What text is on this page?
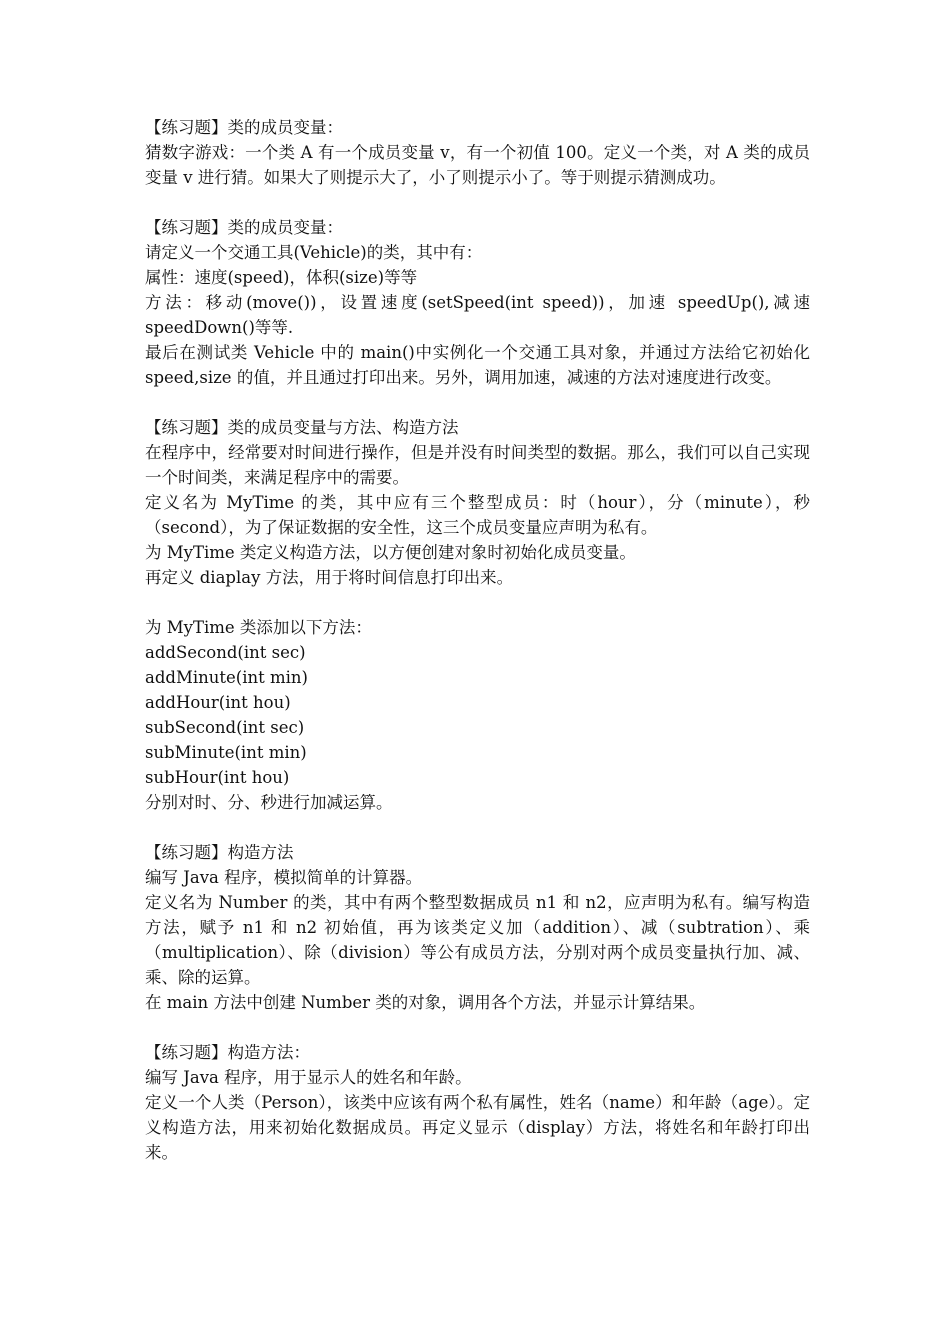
【练习题】类的成员变量：
猜数字游戏：一个类 A 有一个成员变量 v，有一个初值 100。定义一个类，对 A 类的成员变量 v 进行猜。如果大了则提示大了，小了则提示小了。等于则提示猜测成功。
【练习题】类的成员变量：
请定义一个交通工具(Vehicle)的类，其中有：
属性：速度(speed)，体积(size)等等
方法：移动(move())，设置速度(setSpeed(int speed))，加速 speedUp(),减速 speedDown()等等.
最后在测试类 Vehicle 中的 main()中实例化一个交通工具对象，并通过方法给它初始化 speed,size 的值，并且通过打印出来。另外，调用加速，减速的方法对速度进行改变。
【练习题】类的成员变量与方法、构造方法
在程序中，经常要对时间进行操作，但是并没有时间类型的数据。那么，我们可以自己实现一个时间类，来满足程序中的需要。
定义名为 MyTime 的类，其中应有三个整型成员：时（hour），分（minute），秒（second），为了保证数据的安全性，这三个成员变量应声明为私有。
为 MyTime 类定义构造方法，以方便创建对象时初始化成员变量。
再定义 diaplay 方法，用于将时间信息打印出来。
为 MyTime 类添加以下方法：
addSecond(int sec)
addMinute(int min)
addHour(int hou)
subSecond(int sec)
subMinute(int min)
subHour(int hou)
分别对时、分、秒进行加减运算。
【练习题】构造方法
编写 Java 程序，模拟简单的计算器。
定义名为 Number 的类，其中有两个整型数据成员 n1 和 n2，应声明为私有。编写构造方法，赋予 n1 和 n2 初始值，再为该类定义加（addition）、减（subtration）、乘（multiplication）、除（division）等公有成员方法，分别对两个成员变量执行加、减、乘、除的运算。
在 main 方法中创建 Number 类的对象，调用各个方法，并显示计算结果。
【练习题】构造方法：
编写 Java 程序，用于显示人的姓名和年龄。
定义一个人类（Person），该类中应该有两个私有属性，姓名（name）和年龄（age）。定义构造方法，用来初始化数据成员。再定义显示（display）方法，将姓名和年龄打印出来。
